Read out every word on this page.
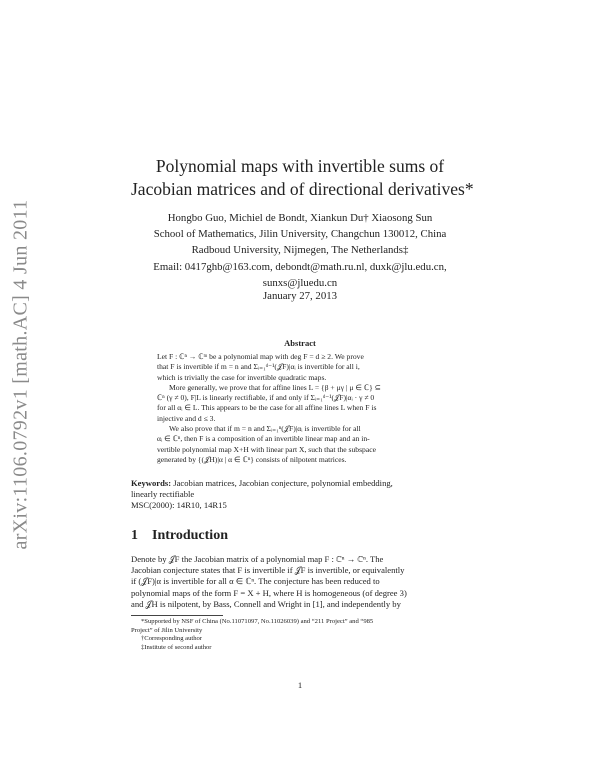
arXiv:1106.0792v1 [math.AC] 4 Jun 2011
Polynomial maps with invertible sums of
Jacobian matrices and of directional derivatives*
Hongbo Guo, Michiel de Bondt, Xiankun Du† Xiaosong Sun
School of Mathematics, Jilin University, Changchun 130012, China
Radboud University, Nijmegen, The Netherlands‡
Email: 0417ghb@163.com, debondt@math.ru.nl, duxk@jlu.edu.cn,
sunxs@jluedu.cn
January 27, 2013
Abstract

Let F : ℂⁿ → ℂᵐ be a polynomial map with deg F = d ≥ 2. We prove
that F is invertible if m = n and Σᵢ₌₁ᵈ⁻¹(𝒥F)|αᵢ is invertible for all i,
which is trivially the case for invertible quadratic maps.

More generally, we prove that for affine lines L = {β + μγ | μ ∈ ℂ} ⊆
ℂⁿ (γ ≠ 0), F|L is linearly rectifiable, if and only if Σᵢ₌₁ᵈ⁻¹(𝒥F)|αᵢ · γ ≠ 0
for all αᵢ ∈ L. This appears to be the case for all affine lines L when F is
injective and d ≤ 3.

We also prove that if m = n and Σᵢ₌₁ⁿ(𝒥F)|αᵢ is invertible for all
αᵢ ∈ ℂⁿ, then F is a composition of an invertible linear map and an in-
vertible polynomial map X+H with linear part X, such that the subspace
generated by {(𝒥H)|α | α ∈ ℂⁿ} consists of nilpotent matrices.

Keywords: Jacobian matrices, Jacobian conjecture, polynomial embedding,
linearly rectifiable
MSC(2000): 14R10, 14R15
1 Introduction
Denote by 𝒥F the Jacobian matrix of a polynomial map F : ℂⁿ → ℂⁿ. The
Jacobian conjecture states that F is invertible if 𝒥F is invertible, or equivalently
if (𝒥F)|α is invertible for all α ∈ ℂⁿ. The conjecture has been reduced to
polynomial maps of the form F = X + H, where H is homogeneous (of degree 3)
and 𝒥H is nilpotent, by Bass, Connell and Wright in [1], and independently by
*Supported by NSF of China (No.11071097, No.11026039) and “211 Project” and “985
Project” of Jilin University
†Corresponding author
‡Institute of second author
1
